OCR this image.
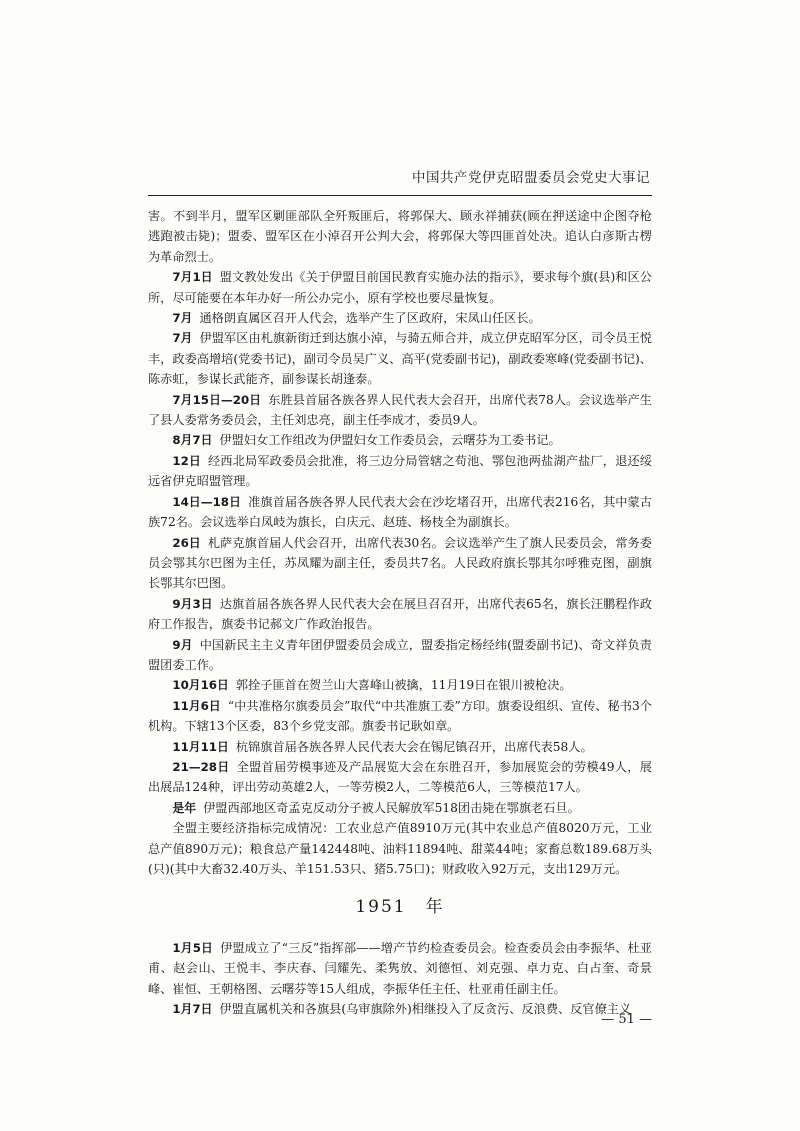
中国共产党伊克昭盟委员会党史大事记

害。不到半月，盟军区剿匪部队全歼叛匪后，将郭保大、顾永祥捕获(顾在押送途中企图夺枪逃跑被击毙)；盟委、盟军区在小淖召开公判大会，将郭保大等四匪首处决。追认白彦斯古楞为革命烈士。

7月1日 盟文教处发出《关于伊盟目前国民教育实施办法的指示》，要求每个旗(县)和区公所，尽可能要在本年办好一所公办完小，原有学校也要尽量恢复。

7月 通格朗直属区召开人代会，选举产生了区政府，宋凤山任区长。

7月 伊盟军区由札旗新街迁到达旗小淖，与骑五师合并，成立伊克昭军分区，司令员王悦丰，政委高增培(党委书记)，副司令员吴广义、高平(党委副书记)，副政委寒峰(党委副书记)、陈赤虹，参谋长武能齐，副参谋长胡逢泰。

7月15日—20日 东胜县首届各族各界人民代表大会召开，出席代表78人。会议选举产生了县人委常务委员会，主任刘忠亮，副主任李成才，委员9人。

8月7日 伊盟妇女工作组改为伊盟妇女工作委员会，云曙芬为工委书记。

12日 经西北局军政委员会批准，将三边分局管辖之苟池、鄂包池两盐湖产盐厂，退还绥远省伊克昭盟管理。

14日—18日 准旗首届各族各界人民代表大会在沙圪堵召开，出席代表216名，其中蒙古族72名。会议选举白凤岐为旗长，白庆元、赵琏、杨枝全为副旗长。

26日 札萨克旗首届人代会召开，出席代表30名。会议选举产生了旗人民委员会，常务委员会鄂其尔巴图为主任，苏凤耀为副主任，委员共7名。人民政府旗长鄂其尔呼雅克图，副旗长鄂其尔巴图。

9月3日 达旗首届各族各界人民代表大会在展旦召召开，出席代表65名，旗长汪鹏程作政府工作报告，旗委书记郝文广作政治报告。

9月 中国新民主主义青年团伊盟委员会成立，盟委指定杨经纬(盟委副书记)、奇文祥负责盟团委工作。

10月16日 郭拴子匪首在贺兰山大喜峰山被擒，11月19日在银川被枪决。

11月6日 “中共准格尔旗委员会”取代“中共准旗工委”方印。旗委设组织、宣传、秘书3个机构。下辖13个区委，83个乡党支部。旗委书记耿如章。

11月11日 杭锦旗首届各族各界人民代表大会在锡尼镇召开，出席代表58人。

21—28日 全盟首届劳模事迹及产品展览大会在东胜召开，参加展览会的劳模49人，展出展品124种，评出劳动英雄2人，一等劳模2人，二等模范6人，三等模范17人。

是年 伊盟西部地区奇孟克反动分子被人民解放军518团击毙在鄂旗老石旦。

全盟主要经济指标完成情况：工农业总产值8910万元(其中农业总产值8020万元，工业总产值890万元)；粮食总产量142448吨、油料11894吨、甜菜44吨；家畜总数189.68万头(只)(其中大畜32.40万头、羊151.53只、猪5.75口)；财政收入92万元，支出129万元。

1951　年

1月5日 伊盟成立了“三反”指挥部——增产节约检查委员会。检查委员会由李振华、杜亚甫、赵会山、王悦丰、李庆春、闫耀先、柔隽放、刘德恒、刘克强、卓力克、白占奎、奇景峰、崔恒、王朝格图、云曙芬等15人组成，李振华任主任、杜亚甫任副主任。

1月7日 伊盟直属机关和各旗县(乌审旗除外)相继投入了反贪污、反浪费、反官僚主义

— 51 —
